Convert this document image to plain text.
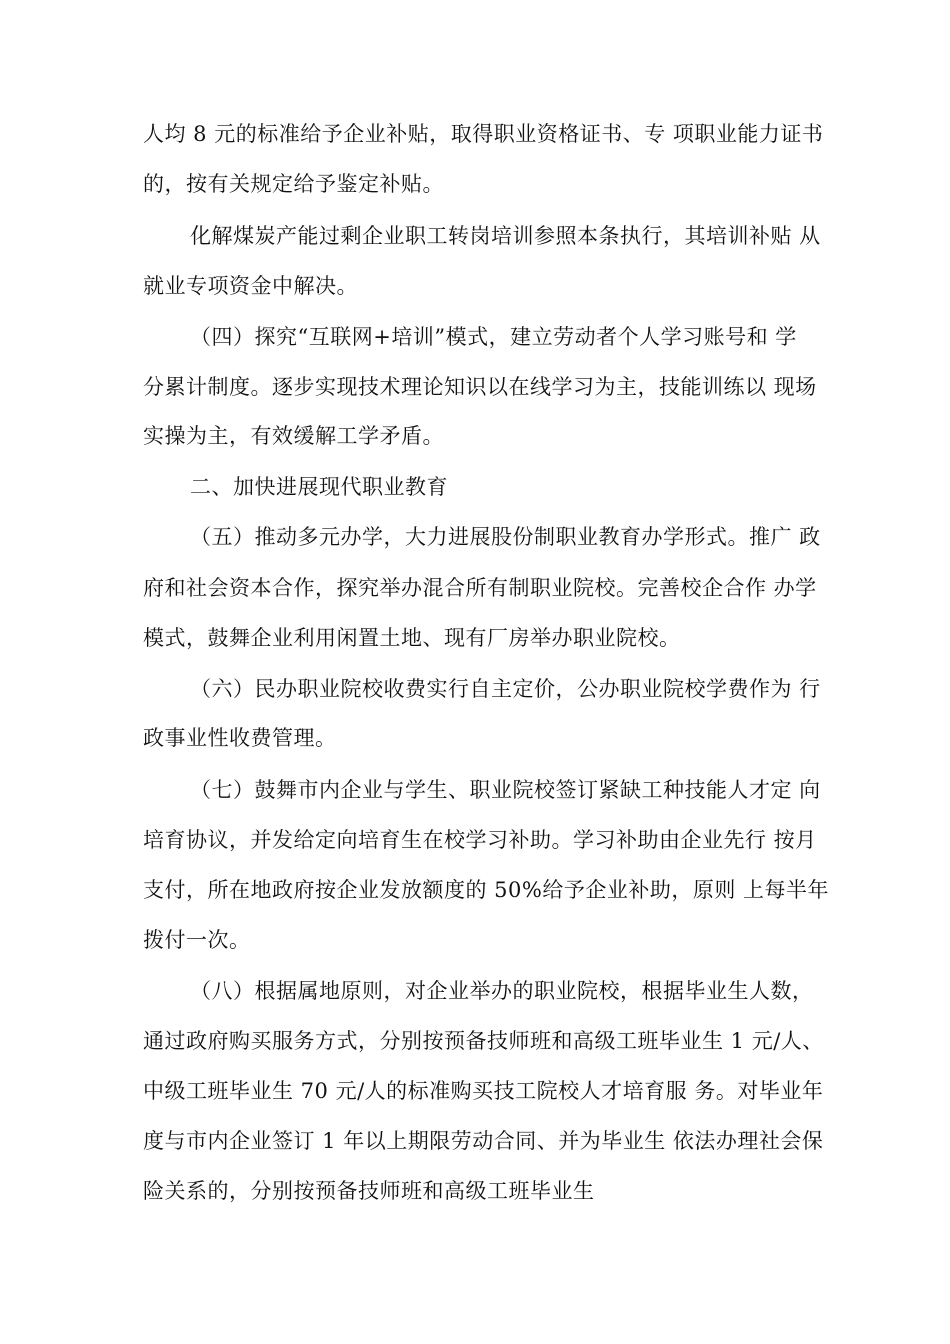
人均 8 元的标准给予企业补贴，取得职业资格证书、专 项职业能力证书
的，按有关规定给予鉴定补贴。
化解煤炭产能过剩企业职工转岗培训参照本条执行，其培训补贴 从
就业专项资金中解决。
（四）探究“互联网+培训”模式，建立劳动者个人学习账号和 学
分累计制度。逐步实现技术理论知识以在线学习为主，技能训练以 现场
实操为主，有效缓解工学矛盾。
二、加快进展现代职业教育
（五）推动多元办学，大力进展股份制职业教育办学形式。推广 政
府和社会资本合作，探究举办混合所有制职业院校。完善校企合作 办学
模式，鼓舞企业利用闲置土地、现有厂房举办职业院校。
（六）民办职业院校收费实行自主定价，公办职业院校学费作为 行
政事业性收费管理。
（七）鼓舞市内企业与学生、职业院校签订紧缺工种技能人才定 向
培育协议，并发给定向培育生在校学习补助。学习补助由企业先行 按月
支付，所在地政府按企业发放额度的 50%给予企业补助，原则 上每半年
拨付一次。
（八）根据属地原则，对企业举办的职业院校，根据毕业生人数，
通过政府购买服务方式，分别按预备技师班和高级工班毕业生 1 元/人、
中级工班毕业生 70 元/人的标准购买技工院校人才培育服 务。对毕业年
度与市内企业签订 1 年以上期限劳动合同、并为毕业生 依法办理社会保
险关系的，分别按预备技师班和高级工班毕业生
